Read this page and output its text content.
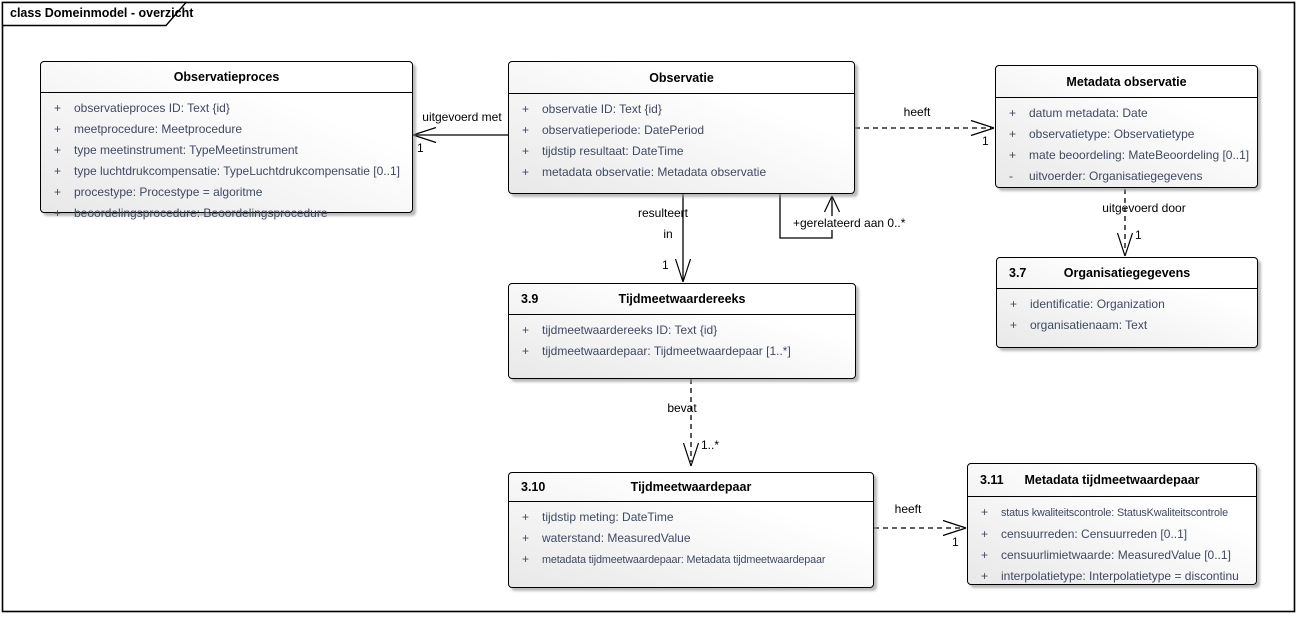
class Domeinmodel - overzicht
Observatieproces
+ observatieproces ID: Text {id}
+ meetprocedure: Meetprocedure
+ type meetinstrument: TypeMeetinstrument
+ type luchtdrukcompensatie: TypeLuchtdrukcompensatie [0..1]
+ procestype: Procestype = algoritme
+ beoordelingsprocedure: Beoordelingsprocedure
Observatie
+ observatie ID: Text {id}
+ observatieperiode: DatePeriod
+ tijdstip resultaat: DateTime
+ metadata observatie: Metadata observatie
Metadata observatie
+ datum metadata: Date
+ observatietype: Observatietype
+ mate beoordeling: MateBeoordeling [0..1]
- uitvoerder: Organisatiegegevens
3.7	Organisatiegegevens
+ identificatie: Organization
+ organisatienaam: Text
3.9	Tijdmeetwaardereeks
+ tijdmeetwaardereeks ID: Text {id}
+ tijdmeetwaardepaar: Tijdmeetwaardepaar [1..*]
3.10	Tijdmeetwaardepaar
+ tijdstip meting: DateTime
+ waterstand: MeasuredValue
+ metadata tijdmeetwaardepaar: Metadata tijdmeetwaardepaar
3.11 Metadata tijdmeetwaardepaar
+ status kwaliteitscontrole: StatusKwaliteitscontrole
+ censuurreden: Censuurreden [0..1]
+ censuurlimietwaarde: MeasuredValue [0..1]
+ interpolatietype: Interpolatietype = discontinu
uitgevoerd met
1
heeft
1
resulteert
in
1
+gerelateerd aan 0..*
uitgevoerd door
1
bevat
1..*
heeft
1
